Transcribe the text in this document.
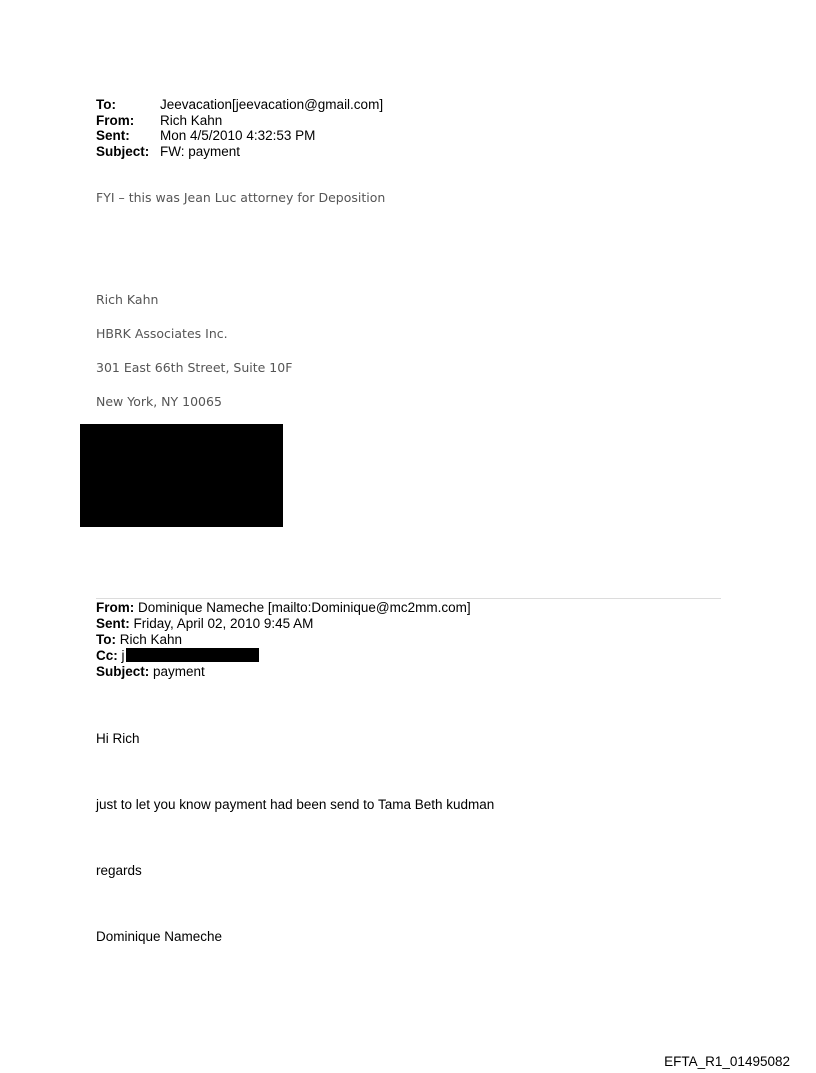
To:	Jeevacation[jeevacation@gmail.com]
From:	Rich Kahn
Sent:	Mon 4/5/2010 4:32:53 PM
Subject: FW: payment
FYI – this was Jean Luc attorney for Deposition
Rich Kahn
HBRK Associates Inc.
301 East 66th Street, Suite 10F
New York, NY 10065
From: Dominique Nameche [mailto:Dominique@mc2mm.com]
Sent: Friday, April 02, 2010 9:45 AM
To: Rich Kahn
Cc: j
Subject: payment
Hi Rich
just to let you know payment had been send to Tama Beth kudman
regards
Dominique Nameche
EFTA_R1_01495082
